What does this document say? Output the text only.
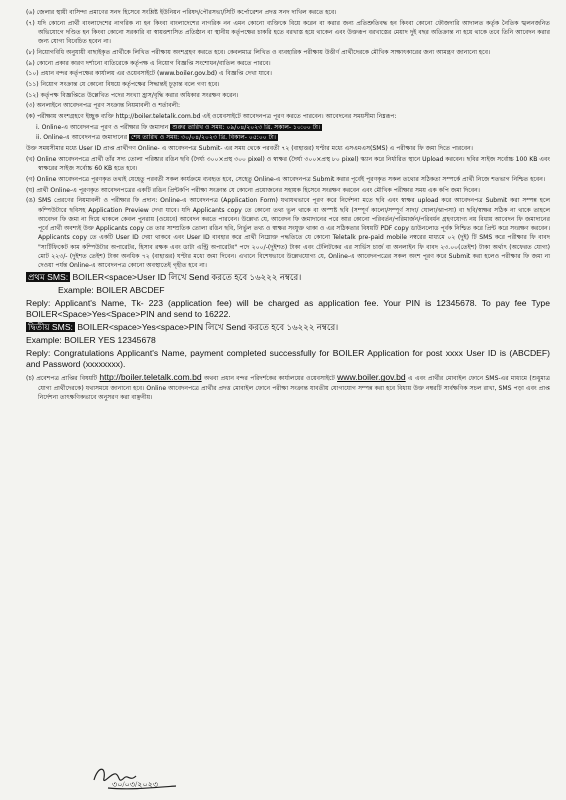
(৬) জেলার স্থায়ী বাসিন্দা প্রমাণের সনদ হিসেবে সংশ্লিষ্ট ইউনিয়ন পরিষদ/পৌরসভা/সিটি কর্পোরেশন প্রদত্ত সনদ দাখিল করতে হবে।

(৭) যদি কোনো প্রার্থী বাংলাদেশের নাগরিক না হন কিংবা বাংলাদেশের নাগরিক নন এমন কোনো ব্যক্তিকে বিয়ে করেন বা করার জন্য প্রতিশ্রুতিবদ্ধ হন কিংবা কোনো ফৌজদারি আদালত কর্তৃক নৈতিক স্খলনজনিত অভিযোগে দণ্ডিত হন কিংবা কোনো সরকারি বা স্বায়ত্তশাসিত প্রতিষ্ঠান বা স্থানীয় কর্তৃপক্ষের চাকরি হতে বরখাস্ত হয়ে থাকেন এবং উক্তরূপ বরখাস্তের মেয়াদ দুই বছর অতিক্রান্ত না হয়ে থাকে তবে তিনি আবেদন করার জন্য যোগ্য বিবেচিত হবেন না।

(৮) নিয়োগবিধি অনুযায়ী বাছাইকৃত প্রার্থীকে লিখিত পরীক্ষায় অংশগ্রহণ করতে হবে। কেবলমাত্র লিখিত ও ব্যবহারিক পরীক্ষায় উত্তীর্ণ প্রার্থীদেরকে মৌখিক সাক্ষাৎকারের জন্য আমন্ত্রণ জানানো হবে।

(৯) কোনো প্রকার কারণ দর্শানো ব্যতিরেকে কর্তৃপক্ষ এ নিয়োগ বিজ্ঞপ্তি সংশোধন/বাতিল করতে পারবে।

(১০) প্রধান বন্দর কর্তৃপক্ষের কার্যালয় এর ওয়েবসাইটে (www.boiler.gov.bd) এ বিজ্ঞপ্তি দেখা যাবে।

(১১) নিয়োগ সংক্রান্ত যে কোনো বিষয়ে কর্তৃপক্ষের সিদ্ধান্তই চূড়ান্ত বলে গণ্য হবে।

(১২) কর্তৃপক্ষ বিজ্ঞপ্তিতে উল্লেখিত পদের সংখ্যা হ্রাস/বৃদ্ধি করার অধিকার সংরক্ষণ করেন।

(৩) অনলাইনে আবেদনপত্র পূরণ সংক্রান্ত নিয়মাবলী ও শর্তাবলী:

(ক) পরীক্ষায় অংশগ্রহণে ইচ্ছুক ব্যক্তি http://boiler.teletalk.com.bd এই ওয়েবসাইটে আবেদনপত্র পূরণ করতে পারবেন। আবেদনের সময়সীমা নিম্নরূপ:

i. Online-এ আবেদনপত্র পূরণ ও পরীক্ষার ফি জমাদান শুরুর তারিখ ও সময়: ০৯/০৪/২০২৩ খ্রি. সকাল- ১০:০০ টা।

ii. Online-এ আবেদনপত্র জমাদানের শেষ তারিখ ও সময়: ৩০/০৪/২০২৩ খ্রি. বিকাল- ০৫:০০ টা।

উক্ত সময়সীমার মধ্যে User ID প্রাপ্ত প্রার্থীগণ Online- এ আবেদনপত্র Submit- এর সময় থেকে পরবর্তী ৭২ (বাহাত্তর) ঘণ্টার মধ্যে এসএমএস(SMS) এ পরীক্ষার ফি জমা দিতে পারবেন।

(খ) Online আবেদনপত্রে প্রার্থী তাঁর সদ্য তোলা পরিষ্কার রঙিন ছবি (দৈর্ঘ্য ৩০০×প্রস্থ ৩০০ pixel) ও স্বাক্ষর (দৈর্ঘ্য ৩০০×প্রস্থ ৮০ pixel) স্ক্যান করে নির্ধারিত স্থানে Upload করবেন। ছবির সাইজ সর্বোচ্চ 100 KB এবং স্বাক্ষরের সাইজ সর্বোচ্চ 60 KB হতে হবে।

(গ) Online আবেদনপত্রে পূরণকৃত তথ্যই যেহেতু পরবর্তী সকল কার্যক্রমে ব্যবহৃত হবে, সেহেতু Online-এ আবেদনপত্র Submit করার পূর্বেই পূরণকৃত সকল তথ্যের সঠিকতা সম্পর্কে প্রার্থী নিজে শতভাগ নিশ্চিত হবেন।

(ঘ) প্রার্থী Online-এ পূরণকৃত আবেদনপত্রের একটি রঙিন প্রিন্টকপি পরীক্ষা সংক্রান্ত যে কোনো প্রয়োজনের সহায়ক হিসেবে সংরক্ষণ করবেন এবং মৌখিক পরীক্ষার সময় এক কপি জমা দিবেন।

(ঙ) SMS প্রেরণের নিয়মাবলী ও পরীক্ষার ফি প্রদান: Online-এ আবেদনপত্র (Application Form) যথাযথভাবে পূরণ করে নির্দেশনা মতে ছবি এবং স্বাক্ষর upload করে আবেদনপত্র Submit করা সম্পন্ন হলে কম্পিউটারে ছবিসহ Application Preview দেখা যাবে। যদি Applicants copy তে কোনো তথ্য ভুল থাকে বা অস্পষ্ট ছবি (সম্পূর্ণ কালো/সম্পূর্ণ সাদা/ ঘোলা/ঝাপসা) বা ছবি/স্বাক্ষর সঠিক না থাকে তাহলে আবেদন ফি জমা না দিয়ে থাকলে কেবল পুনরায় (ওয়েবে) আবেদন করতে পারবেন। উল্লেখ্য যে, আবেদন ফি জমাদানের পরে আর কোনো পরিবর্তন/পরিমার্জন/পরিবর্ধন গ্রহণযোগ্য নয় বিধায় আবেদন ফি জমাদানের পূর্বে প্রার্থী অবশ্যই উক্ত Applicants copy তে তার সাম্প্রতিক তোলা রঙিন ছবি, নির্ভুল তথ্য ও স্বাক্ষর সংযুক্ত থাকা ও এর সঠিকতার বিষয়টি PDF copy ডাউনলোড পূর্বক নিশ্চিত করে প্রিন্ট করে সংরক্ষণ করবেন। Applicants copy তে একটি User ID দেয়া থাকবে এবং User ID ব্যবহার করে প্রার্থী নিম্নোক্ত পদ্ধতিতে যে কোনো Teletalk pre-paid mobile নম্বরের মাধ্যমে ০২ (দুই) টি SMS করে পরীক্ষার ফি বাবদ "সার্টিফিকেট কাম কম্পিউটার অপারেটর, হিসাব রক্ষক এবং ডাটা এন্ট্রি অপারেটর" পদে ২০০/-(দুইশত) টাকা এবং টেলিটকের এর সার্ভিস চার্জ বা অনলাইন ফি বাবদ ২৩.০০(তেইশ) টাকা অর্থাৎ (অফেরত যোগ্য) মোট ২২৩/- (দুইশত তেইশ) টাকা অনধিক ৭২ (বাহাত্তর) ঘণ্টার মধ্যে জমা দিবেন। এখানে বিশেষভাবে উল্লেখযোগ্য যে, Online-এ আবেদনপত্রের সকল অংশ পূরণ করে Submit করা হলেও পরীক্ষার ফি জমা না দেওয়া পর্যন্ত Online-এ আবেদনপত্র কোনো অবস্থাতেই গৃহীত হবে না।

প্রথম SMS: BOILER<space>User ID লিখে Send করতে হবে ১৬২২২ নম্বরে।

Example: BOILER ABCDEF

Reply: Applicant's Name, Tk- 223 (application fee) will be charged as application fee. Your PIN is 12345678. To pay fee Type BOILER<Space>Yes<Space>PIN and send to 16222.

দ্বিতীয় SMS: BOILER<space>Yes<space>PIN লিখে Send করতে হবে ১৬২২২ নম্বরে।

Example: BOILER YES 12345678

Reply: Congratulations Applicant's Name, payment completed successfully for BOILER Application for post xxxx User ID is (ABCDEF) and Password (xxxxxxxx).

(চ) প্রবেশপত্র প্রাপ্তির বিষয়টি http://boiler.teletalk.com.bd অথবা প্রধান বন্দর পরিদর্শকের কার্যালয়ের ওয়েবসাইটে www.boiler.gov.bd এ এবং প্রার্থীর মোবাইল ফোনে SMS-এর মাধ্যমে (শুধুমাত্র যোগ্য প্রার্থীদেরকে) যথাসময়ে জানানো হবে। Online আবেদনপত্রে প্রার্থীর প্রদত্ত মোবাইল ফোনে পরীক্ষা সংক্রান্ত যাবতীয় যোগাযোগ সম্পন্ন করা হবে বিধায় উক্ত নম্বরটি সার্বক্ষণিক সচল রাখা, SMS পড়া এবং প্রাপ্ত নির্দেশনা তাৎক্ষণিকভাবে অনুসরণ করা বাঞ্ছনীয়।

৩০/০৩/২০২৩
